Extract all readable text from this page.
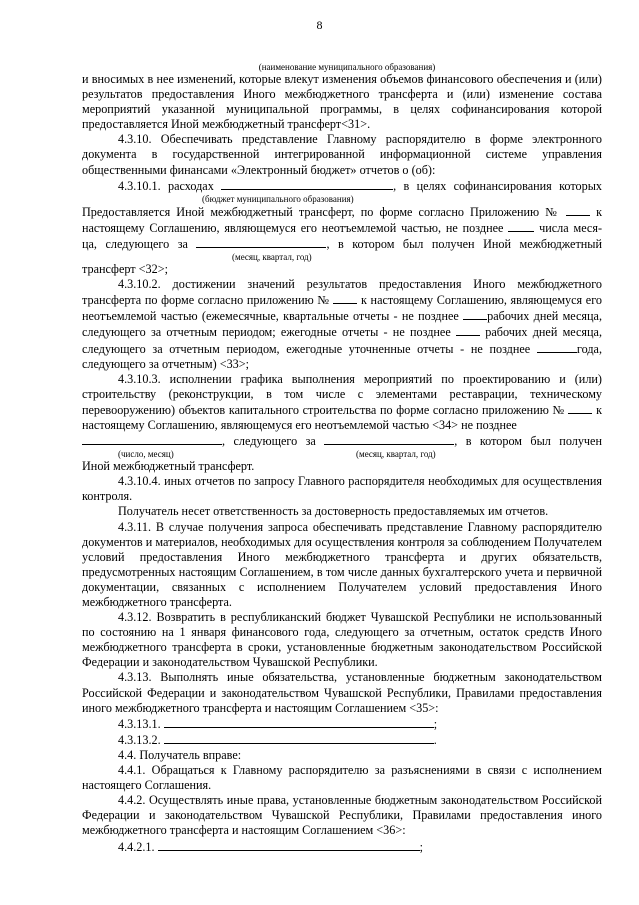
8

(наименование муниципального образования)

и вносимых в нее изменений, которые влекут изменения объемов финансового обеспечения и (или) результатов предоставления Иного межбюджетного трансферта и (или) изменение состава мероприятий указанной муниципальной программы, в целях софинансирования которой предоставляется Иной межбюджетный трансферт<31>.

4.3.10. Обеспечивать представление Главному распорядителю в форме электронного документа в государственной интегрированной информационной системе управления общественными финансами «Электронный бюджет» отчетов о (об):

4.3.10.1. расходах	, в целях софинансирования которых

(бюджет муниципального образования)

Предоставляется Иной межбюджетный трансферт, по форме согласно Приложению №	к

настоящему Соглашению, являющемуся его неотъемлемой частью, не позднее	числа меся-

ца, следующего за	, в котором был получен Иной межбюджетный

(месяц, квартал, год)

трансферт <32>;

4.3.10.2. достижении значений результатов предоставления Иного межбюджетного трансферта по форме согласно приложению №	к настоящему Соглашению, являющемуся его неотъемлемой частью (ежемесячные, квартальные отчеты - не позднее рабочих дней месяца, следующего за отчетным периодом; ежегодные отчеты - не позднее	рабочих дней месяца, следующего за отчетным периодом, ежегодные уточненные отчеты - не позднее	года, следующего за отчетным) <33>;

4.3.10.3. исполнении графика выполнения мероприятий по проектированию и (или) строительству (реконструкции, в том числе с элементами реставрации, техническому перевооружению) объектов капитального строительства по форме согласно приложению №	к настоящему Соглашению, являющемуся его неотъемлемой частью <34> не позднее

, следующего за	, в котором был получен

(число, месяц)	(месяц, квартал, год)

Иной межбюджетный трансферт.

4.3.10.4. иных отчетов по запросу Главного распорядителя необходимых для осуществления контроля.

Получатель несет ответственность за достоверность предоставляемых им отчетов.

4.3.11. В случае получения запроса обеспечивать представление Главному распорядителю документов и материалов, необходимых для осуществления контроля за соблюдением Получателем условий предоставления Иного межбюджетного трансферта и других обязательств, предусмотренных настоящим Соглашением, в том числе данных бухгалтерского учета и первичной документации, связанных с исполнением Получателем условий предоставления Иного межбюджетного трансферта.

4.3.12. Возвратить в республиканский бюджет Чувашской Республики не использованный по состоянию на 1 января финансового года, следующего за отчетным, остаток средств Иного межбюджетного трансферта в сроки, установленные бюджетным законодательством Российской Федерации и законодательством Чувашской Республики.

4.3.13. Выполнять иные обязательства, установленные бюджетным законодательством Российской Федерации и законодательством Чувашской Республики, Правилами предоставления иного межбюджетного трансферта и настоящим Соглашением <35>:

4.3.13.1.	;

4.3.13.2.	.

4.4. Получатель вправе:

4.4.1. Обращаться к Главному распорядителю за разъяснениями в связи с исполнением настоящего Соглашения.

4.4.2. Осуществлять иные права, установленные бюджетным законодательством Российской Федерации и законодательством Чувашской Республики, Правилами предоставления иного межбюджетного трансферта и настоящим Соглашением <36>:

4.4.2.1.	;
